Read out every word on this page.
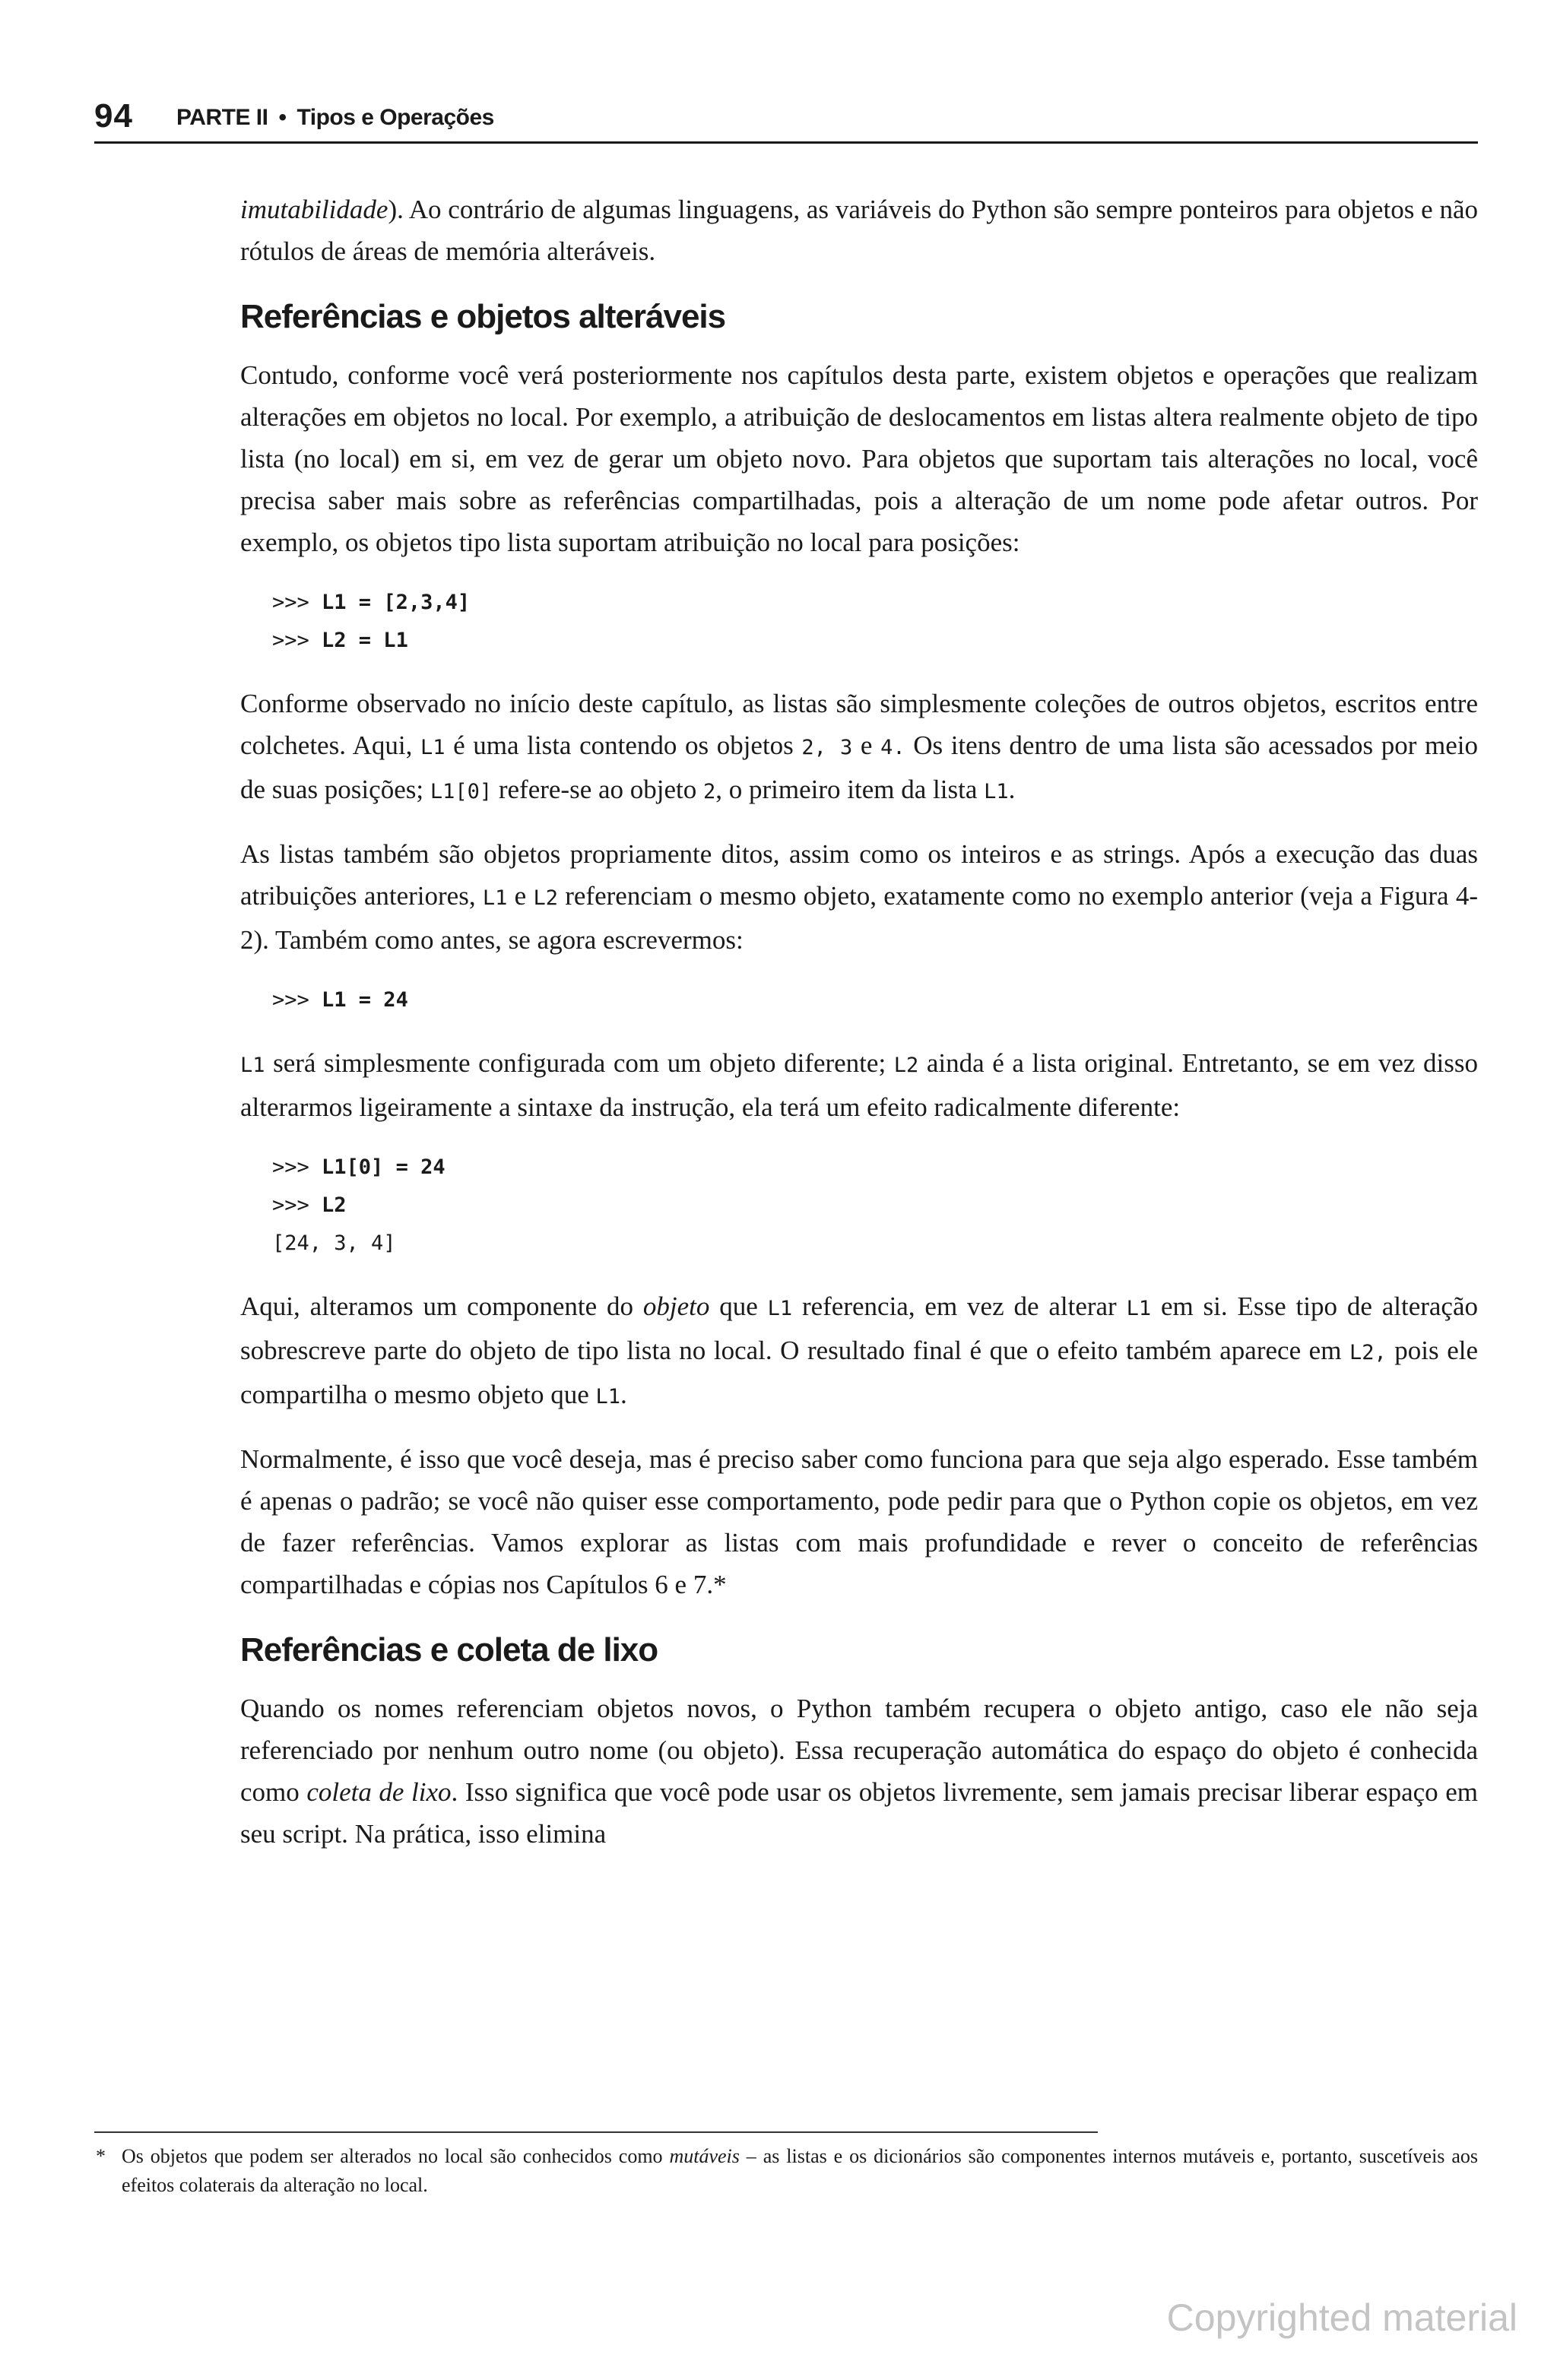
94 PARTE II • Tipos e Operações

imutabilidade). Ao contrário de algumas linguagens, as variáveis do Python são sempre ponteiros para objetos e não rótulos de áreas de memória alteráveis.

Referências e objetos alteráveis

Contudo, conforme você verá posteriormente nos capítulos desta parte, existem objetos e operações que realizam alterações em objetos no local. Por exemplo, a atribuição de deslocamentos em listas altera realmente objeto de tipo lista (no local) em si, em vez de gerar um objeto novo. Para objetos que suportam tais alterações no local, você precisa saber mais sobre as referências compartilhadas, pois a alteração de um nome pode afetar outros. Por exemplo, os objetos tipo lista suportam atribuição no local para posições:

>>> L1 = [2,3,4]
>>> L2 = L1

Conforme observado no início deste capítulo, as listas são simplesmente coleções de outros objetos, escritos entre colchetes. Aqui, L1 é uma lista contendo os objetos 2, 3 e 4. Os itens dentro de uma lista são acessados por meio de suas posições; L1[0] refere-se ao objeto 2, o primeiro item da lista L1.

As listas também são objetos propriamente ditos, assim como os inteiros e as strings. Após a execução das duas atribuições anteriores, L1 e L2 referenciam o mesmo objeto, exatamente como no exemplo anterior (veja a Figura 4-2). Também como antes, se agora escrevermos:

>>> L1 = 24

L1 será simplesmente configurada com um objeto diferente; L2 ainda é a lista original. Entretanto, se em vez disso alterarmos ligeiramente a sintaxe da instrução, ela terá um efeito radicalmente diferente:

>>> L1[0] = 24
>>> L2
[24, 3, 4]

Aqui, alteramos um componente do objeto que L1 referencia, em vez de alterar L1 em si. Esse tipo de alteração sobrescreve parte do objeto de tipo lista no local. O resultado final é que o efeito também aparece em L2, pois ele compartilha o mesmo objeto que L1.

Normalmente, é isso que você deseja, mas é preciso saber como funciona para que seja algo esperado. Esse também é apenas o padrão; se você não quiser esse comportamento, pode pedir para que o Python copie os objetos, em vez de fazer referências. Vamos explorar as listas com mais profundidade e rever o conceito de referências compartilhadas e cópias nos Capítulos 6 e 7.*

Referências e coleta de lixo

Quando os nomes referenciam objetos novos, o Python também recupera o objeto antigo, caso ele não seja referenciado por nenhum outro nome (ou objeto). Essa recuperação automática do espaço do objeto é conhecida como coleta de lixo. Isso significa que você pode usar os objetos livremente, sem jamais precisar liberar espaço em seu script. Na prática, isso elimina

* Os objetos que podem ser alterados no local são conhecidos como mutáveis – as listas e os dicionários são componentes internos mutáveis e, portanto, suscetíveis aos efeitos colaterais da alteração no local.
Copyrighted material
